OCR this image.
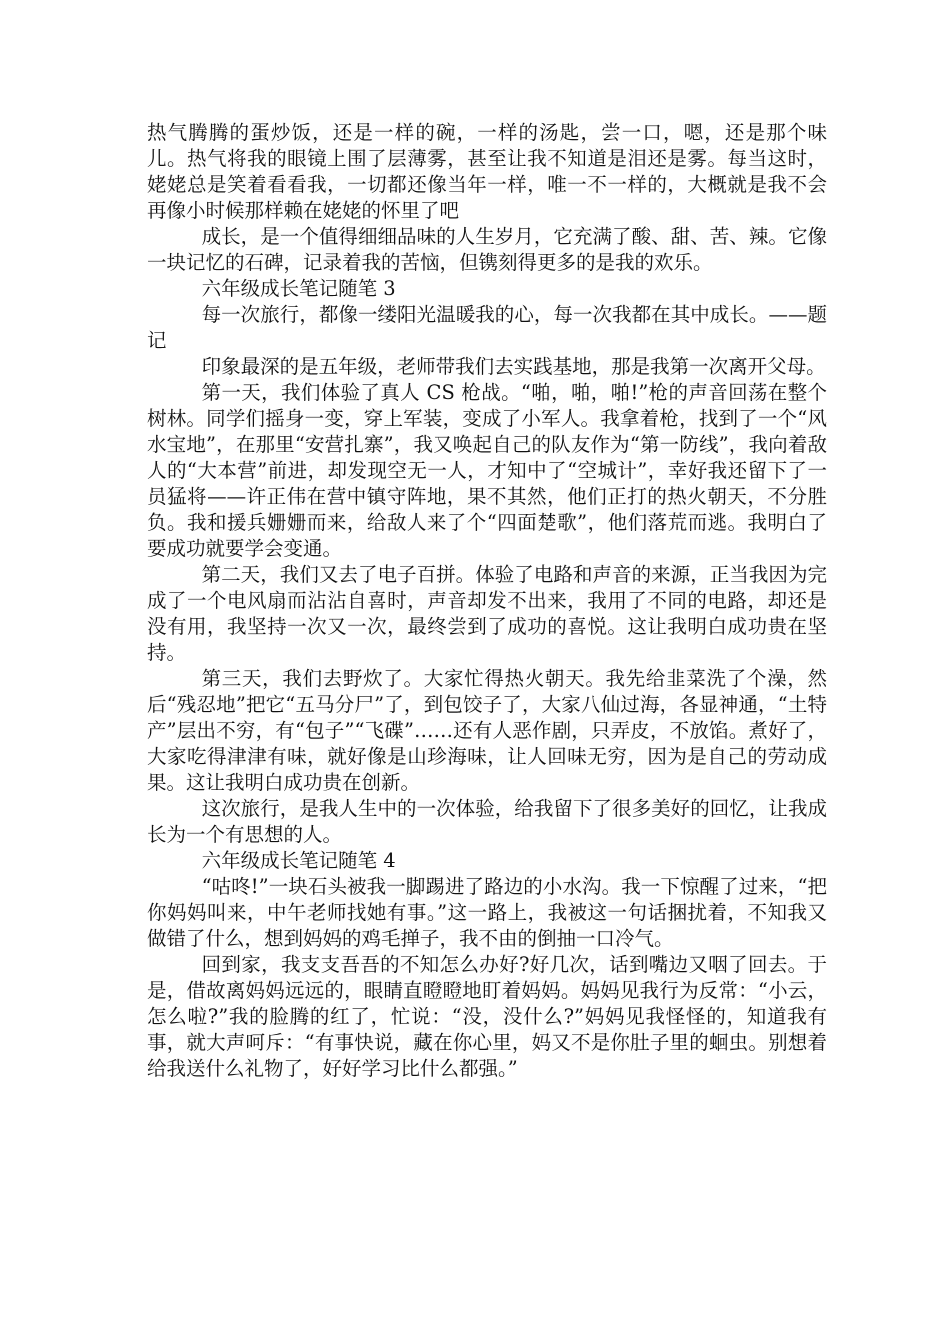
热气腾腾的蛋炒饭，还是一样的碗，一样的汤匙，尝一口，嗯，还是那个味儿。热气将我的眼镜上围了层薄雾，甚至让我不知道是泪还是雾。每当这时，姥姥总是笑着看看我，一切都还像当年一样，唯一不一样的，大概就是我不会再像小时候那样赖在姥姥的怀里了吧

成长，是一个值得细细品味的人生岁月，它充满了酸、甜、苦、辣。它像一块记忆的石碑，记录着我的苦恼，但镌刻得更多的是我的欢乐。

六年级成长笔记随笔 3

每一次旅行，都像一缕阳光温暖我的心，每一次我都在其中成长。——题记

印象最深的是五年级，老师带我们去实践基地，那是我第一次离开父母。

第一天，我们体验了真人 CS 枪战。“啪，啪，啪!”枪的声音回荡在整个树林。同学们摇身一变，穿上军装，变成了小军人。我拿着枪，找到了一个“风水宝地”，在那里“安营扎寨”，我又唤起自己的队友作为“第一防线”，我向着敌人的“大本营”前进，却发现空无一人，才知中了“空城计”，幸好我还留下了一员猛将——许正伟在营中镇守阵地，果不其然，他们正打的热火朝天，不分胜负。我和援兵姗姗而来，给敌人来了个“四面楚歌”，他们落荒而逃。我明白了要成功就要学会变通。

第二天，我们又去了电子百拼。体验了电路和声音的来源，正当我因为完成了一个电风扇而沾沾自喜时，声音却发不出来，我用了不同的电路，却还是没有用，我坚持一次又一次，最终尝到了成功的喜悦。这让我明白成功贵在坚持。

第三天，我们去野炊了。大家忙得热火朝天。我先给韭菜洗了个澡，然后“残忍地”把它“五马分尸”了，到包饺子了，大家八仙过海，各显神通，“土特产”层出不穷，有“包子”“飞碟”……还有人恶作剧，只弄皮，不放馅。煮好了，大家吃得津津有味，就好像是山珍海味，让人回味无穷，因为是自己的劳动成果。这让我明白成功贵在创新。

这次旅行，是我人生中的一次体验，给我留下了很多美好的回忆，让我成长为一个有思想的人。

六年级成长笔记随笔 4

“咕咚!”一块石头被我一脚踢进了路边的小水沟。我一下惊醒了过来，“把你妈妈叫来，中午老师找她有事。”这一路上，我被这一句话捆扰着，不知我又做错了什么，想到妈妈的鸡毛掸子，我不由的倒抽一口冷气。

回到家，我支支吾吾的不知怎么办好?好几次，话到嘴边又咽了回去。于是，借故离妈妈远远的，眼睛直瞪瞪地盯着妈妈。妈妈见我行为反常：“小云，怎么啦?”我的脸腾的红了，忙说：“没，没什么?”妈妈见我怪怪的，知道我有事，就大声呵斥：“有事快说，藏在你心里，妈又不是你肚子里的蛔虫。别想着给我送什么礼物了，好好学习比什么都强。”
